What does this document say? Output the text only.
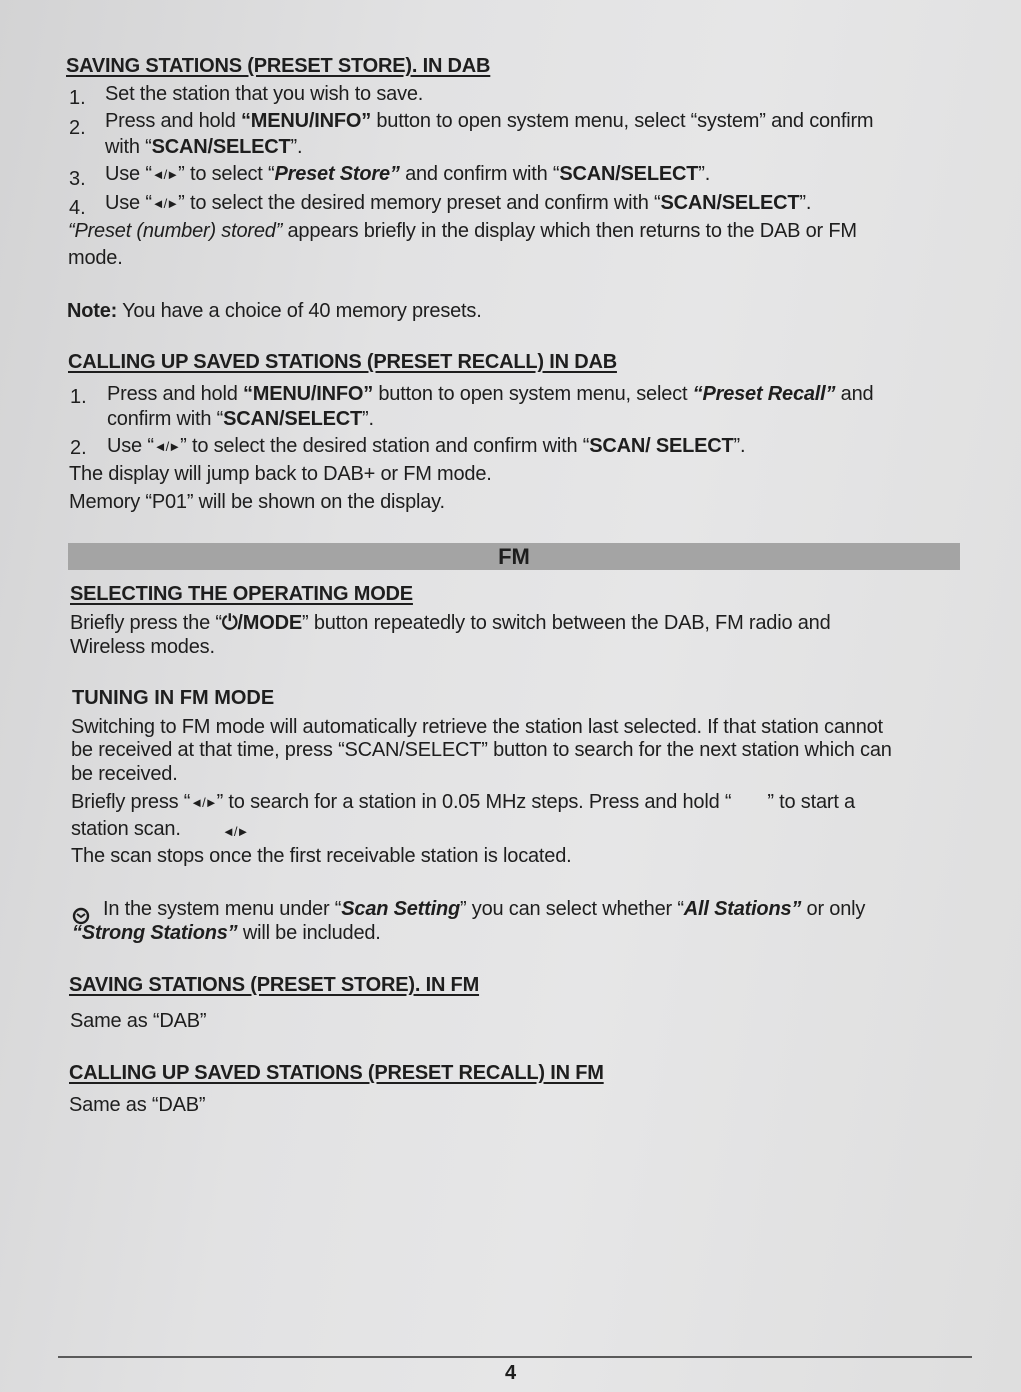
SAVING STATIONS (PRESET STORE). IN DAB
1. Set the station that you wish to save.
2. Press and hold “MENU/INFO” button to open system menu, select “system” and confirm
with “SCAN/SELECT”.
3. Use “◄/►” to select “Preset Store” and confirm with “SCAN/SELECT”.
4. Use “◄/►” to select the desired memory preset and confirm with “SCAN/SELECT”.
“Preset (number) stored” appears briefly in the display which then returns to the DAB or FM
mode.
Note: You have a choice of 40 memory presets.
CALLING UP SAVED STATIONS (PRESET RECALL) IN DAB
1. Press and hold “MENU/INFO” button to open system menu, select “Preset Recall” and
confirm with “SCAN/SELECT”.
2. Use “◄/►” to select the desired station and confirm with “SCAN/ SELECT”.
The display will jump back to DAB+ or FM mode.
Memory “P01” will be shown on the display.
FM
SELECTING THE OPERATING MODE
Briefly press the “⏻/MODE” button repeatedly to switch between the DAB, FM radio and
Wireless modes.
TUNING IN FM MODE
Switching to FM mode will automatically retrieve the station last selected. If that station cannot
be received at that time, press “SCAN/SELECT” button to search for the next station which can
be received.
Briefly press “◄/►” to search for a station in 0.05 MHz steps. Press and hold “ ” to start a
station scan.	◄/►
The scan stops once the first receivable station is located.
In the system menu under “Scan Setting” you can select whether “All Stations” or only
“Strong Stations” will be included.
SAVING STATIONS (PRESET STORE). IN FM
Same as “DAB”
CALLING UP SAVED STATIONS (PRESET RECALL) IN FM
Same as “DAB”
4
